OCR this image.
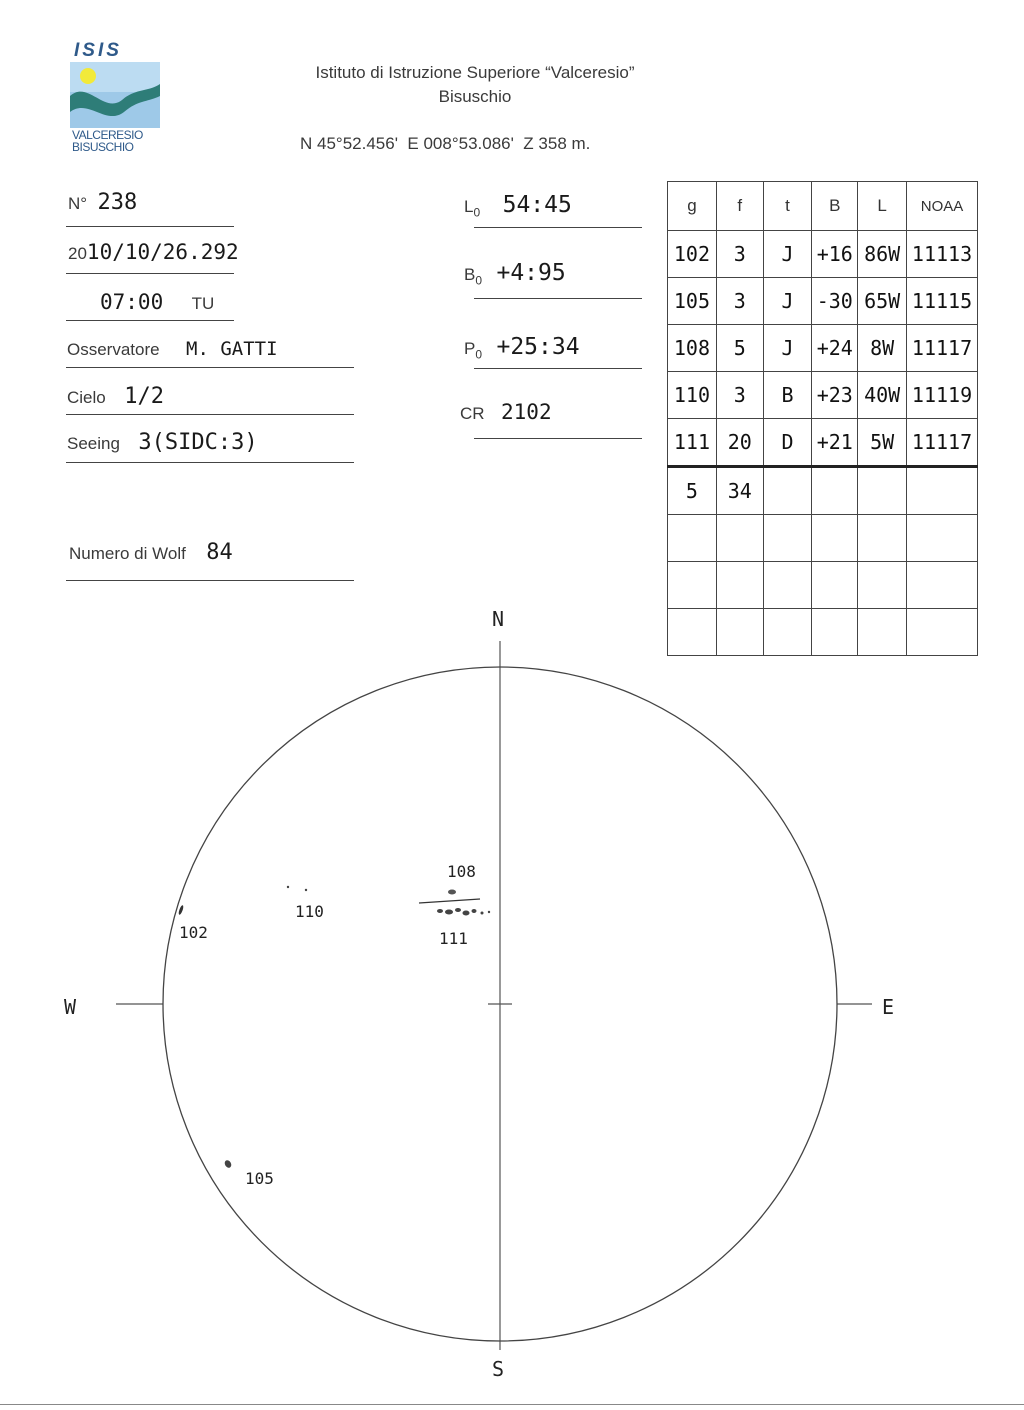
ISIS
VALCERESIO
BISUSCHIO
Istituto di Istruzione Superiore “Valceresio”
Bisuschio
N 45°52.456'  E 008°53.086'  Z 358 m.
N° 238
2010/10/26.292
07:00 TU
Osservatore M. GATTI
Cielo 1/2
Seeing 3(SIDC:3)
Numero di Wolf 84
$L_0$ 54:45
$B_0$ +4:95
$P_0$ +25:34
CR 2102
g	f	t	B	L	NOAA
102	3	J	+16	86W	11113
105	3	J	-30	65W	11115
108	5	J	+24	8W	11117
110	3	B	+23	40W	11119
111	20	D	+21	5W	11117
5	34				

N
S
W	E
102
110
108
111
105
